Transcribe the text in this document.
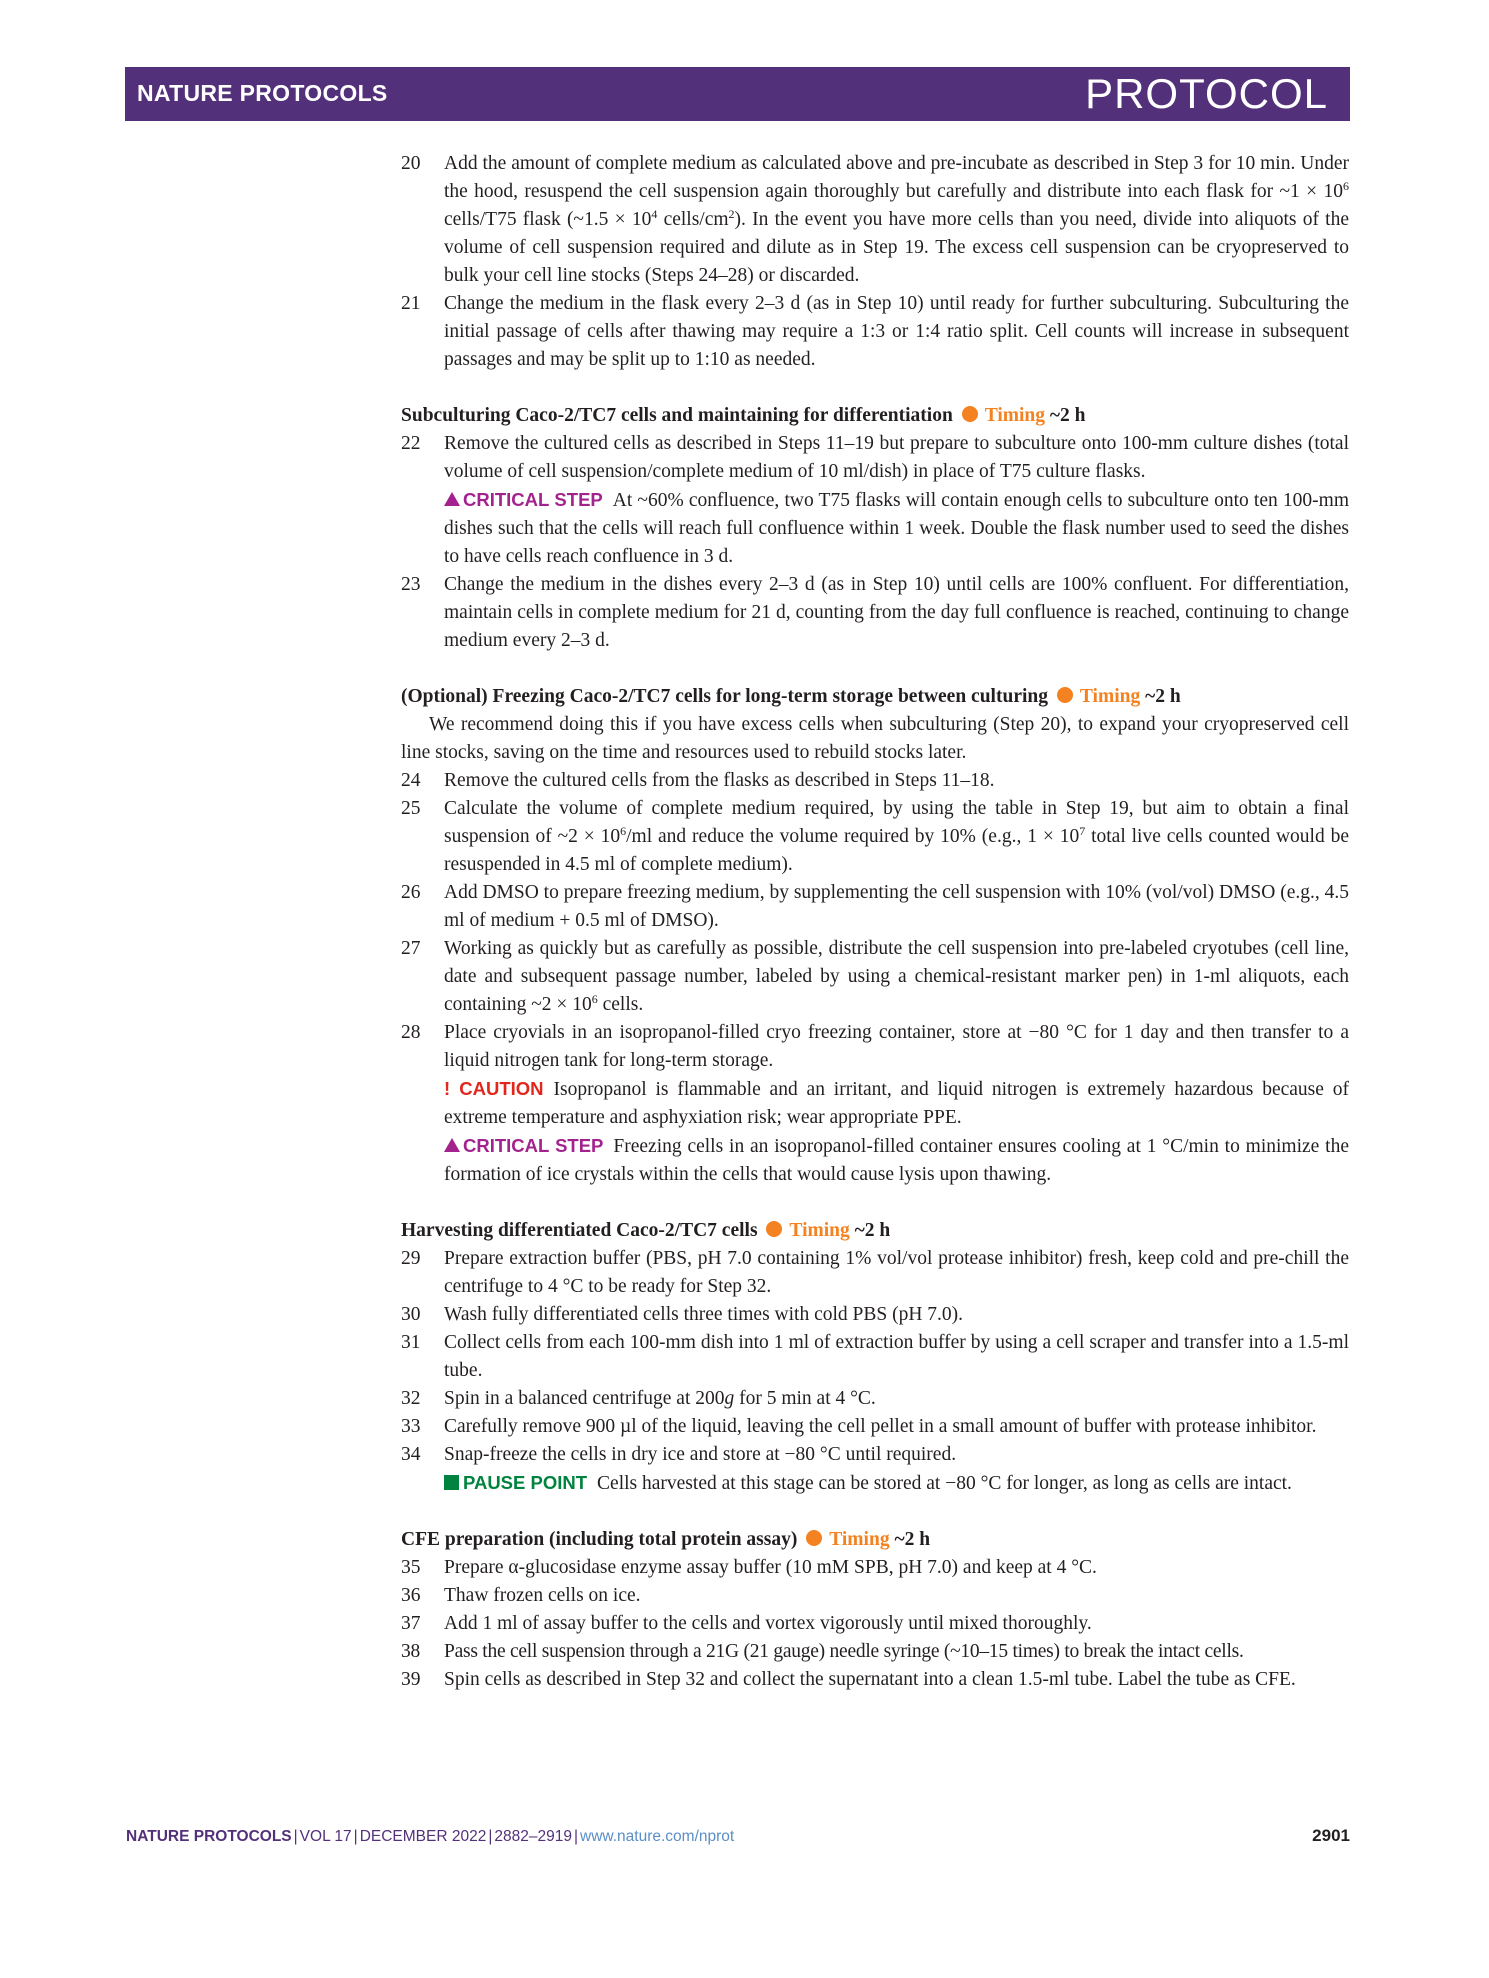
NATURE PROTOCOLS	PROTOCOL
20 Add the amount of complete medium as calculated above and pre-incubate as described in Step 3 for 10 min. Under the hood, resuspend the cell suspension again thoroughly but carefully and distribute into each flask for ~1 × $10^6$ cells/T75 flask (~1.5 × $10^4$ cells/$cm^2$). In the event you have more cells than you need, divide into aliquots of the volume of cell suspension required and dilute as in Step 19. The excess cell suspension can be cryopreserved to bulk your cell line stocks (Steps 24–28) or discarded.
21 Change the medium in the flask every 2–3 d (as in Step 10) until ready for further subculturing. Subculturing the initial passage of cells after thawing may require a 1:3 or 1:4 ratio split. Cell counts will increase in subsequent passages and may be split up to 1:10 as needed.
Subculturing Caco-2/TC7 cells and maintaining for differentiation Timing ~2 h
22 Remove the cultured cells as described in Steps 11–19 but prepare to subculture onto 100-mm culture dishes (total volume of cell suspension/complete medium of 10 ml/dish) in place of T75 culture flasks.
CRITICAL STEP At ~60% confluence, two T75 flasks will contain enough cells to subculture onto ten 100-mm dishes such that the cells will reach full confluence within 1 week. Double the flask number used to seed the dishes to have cells reach confluence in 3 d.
23 Change the medium in the dishes every 2–3 d (as in Step 10) until cells are 100% confluent. For differentiation, maintain cells in complete medium for 21 d, counting from the day full confluence is reached, continuing to change medium every 2–3 d.
(Optional) Freezing Caco-2/TC7 cells for long-term storage between culturing Timing ~2 h
We recommend doing this if you have excess cells when subculturing (Step 20), to expand your cryopreserved cell line stocks, saving on the time and resources used to rebuild stocks later.
24 Remove the cultured cells from the flasks as described in Steps 11–18.
25 Calculate the volume of complete medium required, by using the table in Step 19, but aim to obtain a final suspension of ~2 × $10^6/ml$ and reduce the volume required by 10% (e.g., $1 \times 10^7$ total live cells counted would be resuspended in 4.5 ml of complete medium).
26 Add DMSO to prepare freezing medium, by supplementing the cell suspension with 10% (vol/vol) DMSO (e.g., 4.5 ml of medium + 0.5 ml of DMSO).
27 Working as quickly but as carefully as possible, distribute the cell suspension into pre-labeled cryotubes (cell line, date and subsequent passage number, labeled by using a chemical-resistant marker pen) in 1-ml aliquots, each containing ~2 × $10^6$ cells.
28 Place cryovials in an isopropanol-filled cryo freezing container, store at −80 °C for 1 day and then transfer to a liquid nitrogen tank for long-term storage.
! CAUTION Isopropanol is flammable and an irritant, and liquid nitrogen is extremely hazardous because of extreme temperature and asphyxiation risk; wear appropriate PPE.
CRITICAL STEP Freezing cells in an isopropanol-filled container ensures cooling at 1 °C/min to minimize the formation of ice crystals within the cells that would cause lysis upon thawing.
Harvesting differentiated Caco-2/TC7 cells Timing ~2 h
29 Prepare extraction buffer (PBS, pH 7.0 containing 1% vol/vol protease inhibitor) fresh, keep cold and pre-chill the centrifuge to 4 °C to be ready for Step 32.
30 Wash fully differentiated cells three times with cold PBS (pH 7.0).
31 Collect cells from each 100-mm dish into 1 ml of extraction buffer by using a cell scraper and transfer into a 1.5-ml tube.
32 Spin in a balanced centrifuge at 200g for 5 min at 4 °C.
33 Carefully remove 900 µl of the liquid, leaving the cell pellet in a small amount of buffer with protease inhibitor.
34 Snap-freeze the cells in dry ice and store at −80 °C until required.
PAUSE POINT Cells harvested at this stage can be stored at −80 °C for longer, as long as cells are intact.
CFE preparation (including total protein assay) Timing ~2 h
35 Prepare α-glucosidase enzyme assay buffer (10 mM SPB, pH 7.0) and keep at 4 °C.
36 Thaw frozen cells on ice.
37 Add 1 ml of assay buffer to the cells and vortex vigorously until mixed thoroughly.
38 Pass the cell suspension through a 21G (21 gauge) needle syringe (~10–15 times) to break the intact cells.
39 Spin cells as described in Step 32 and collect the supernatant into a clean 1.5-ml tube. Label the tube as CFE.
NATURE PROTOCOLS | VOL 17 | DECEMBER 2022 | 2882–2919 | www.nature.com/nprot	2901
